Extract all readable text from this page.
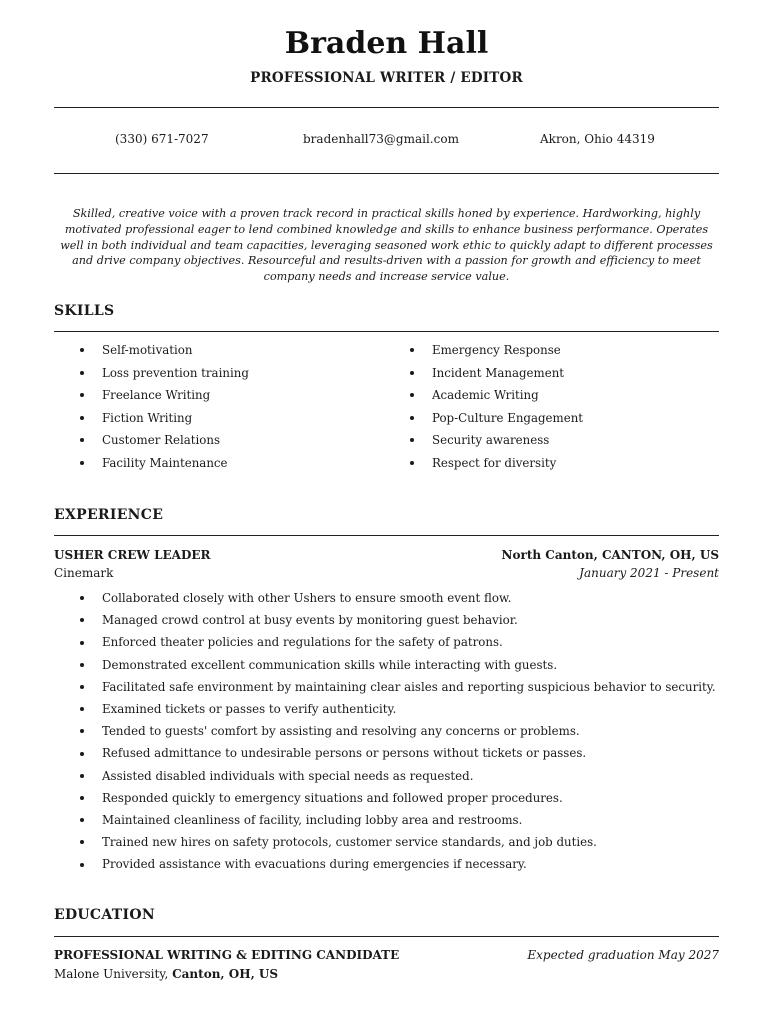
Braden Hall
PROFESSIONAL WRITER / EDITOR
(330) 671-7027	bradenhall73@gmail.com	Akron, Ohio 44319
Skilled, creative voice with a proven track record in practical skills honed by experience. Hardworking, highly motivated professional eager to lend combined knowledge and skills to enhance business performance. Operates well in both individual and team capacities, leveraging seasoned work ethic to quickly adapt to different processes and drive company objectives. Resourceful and results-driven with a passion for growth and efficiency to meet company needs and increase service value.
SKILLS
Self-motivation
Loss prevention training
Freelance Writing
Fiction Writing
Customer Relations
Facility Maintenance
Emergency Response
Incident Management
Academic Writing
Pop-Culture Engagement
Security awareness
Respect for diversity
EXPERIENCE
USHER CREW LEADER	North Canton, CANTON, OH, US
Cinemark	January 2021 - Present
Collaborated closely with other Ushers to ensure smooth event flow.
Managed crowd control at busy events by monitoring guest behavior.
Enforced theater policies and regulations for the safety of patrons.
Demonstrated excellent communication skills while interacting with guests.
Facilitated safe environment by maintaining clear aisles and reporting suspicious behavior to security.
Examined tickets or passes to verify authenticity.
Tended to guests' comfort by assisting and resolving any concerns or problems.
Refused admittance to undesirable persons or persons without tickets or passes.
Assisted disabled individuals with special needs as requested.
Responded quickly to emergency situations and followed proper procedures.
Maintained cleanliness of facility, including lobby area and restrooms.
Trained new hires on safety protocols, customer service standards, and job duties.
Provided assistance with evacuations during emergencies if necessary.
EDUCATION
PROFESSIONAL WRITING & EDITING CANDIDATE	Expected graduation May 2027
Malone University, Canton, OH, US
